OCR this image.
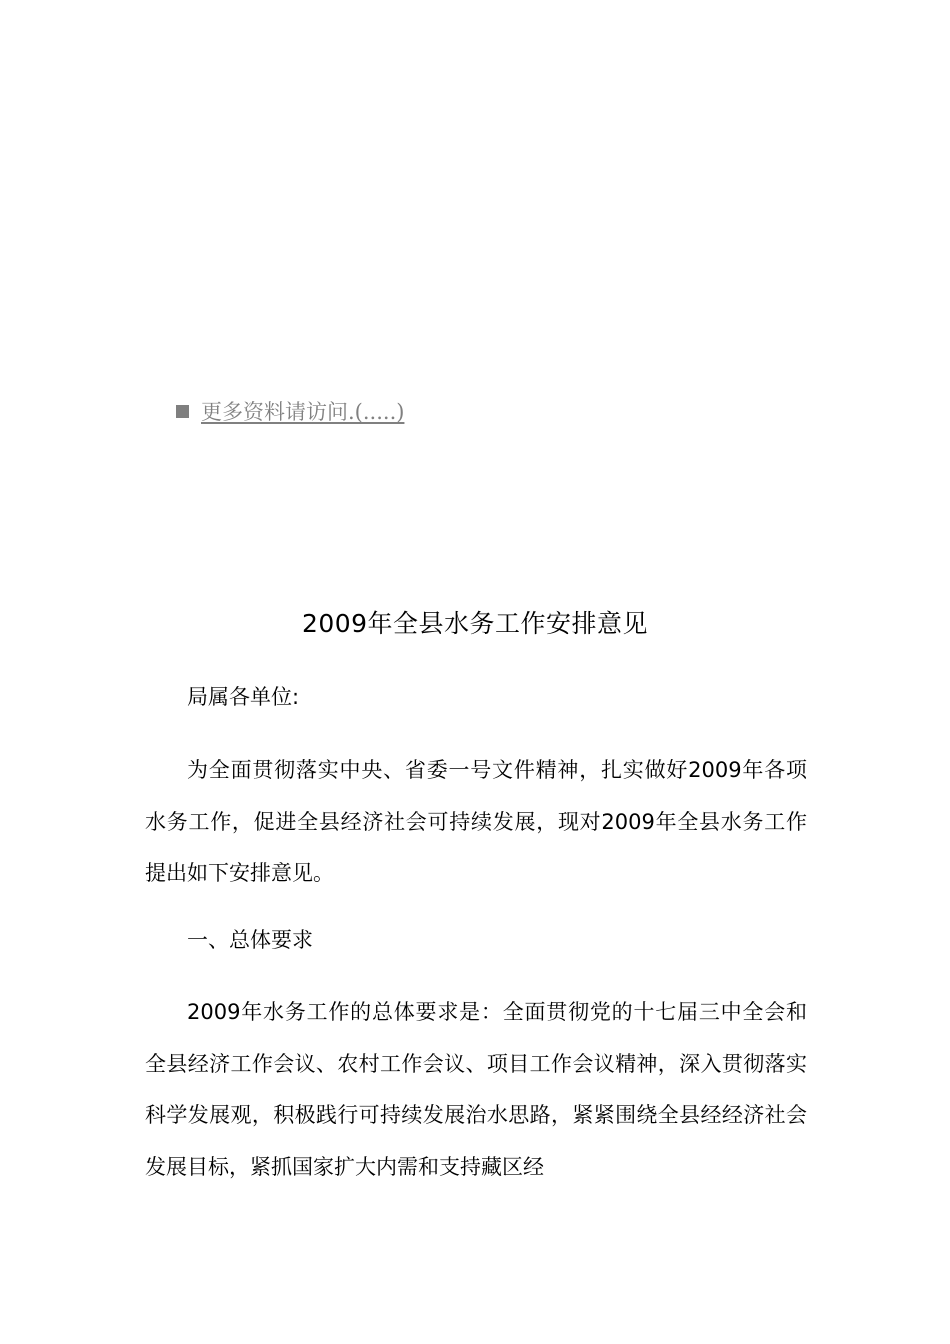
更多资料请访问.(.....)
2009年全县水务工作安排意见

局属各单位:

为全面贯彻落实中央、省委一号文件精神，扎实做好2009年各项水务工作，促进全县经济社会可持续发展，现对2009年全县水务工作提出如下安排意见。

一、总体要求

2009年水务工作的总体要求是：全面贯彻党的十七届三中全会和全县经济工作会议、农村工作会议、项目工作会议精神，深入贯彻落实科学发展观，积极践行可持续发展治水思路，紧紧围绕全县经经济社会发展目标，紧抓国家扩大内需和支持藏区经
